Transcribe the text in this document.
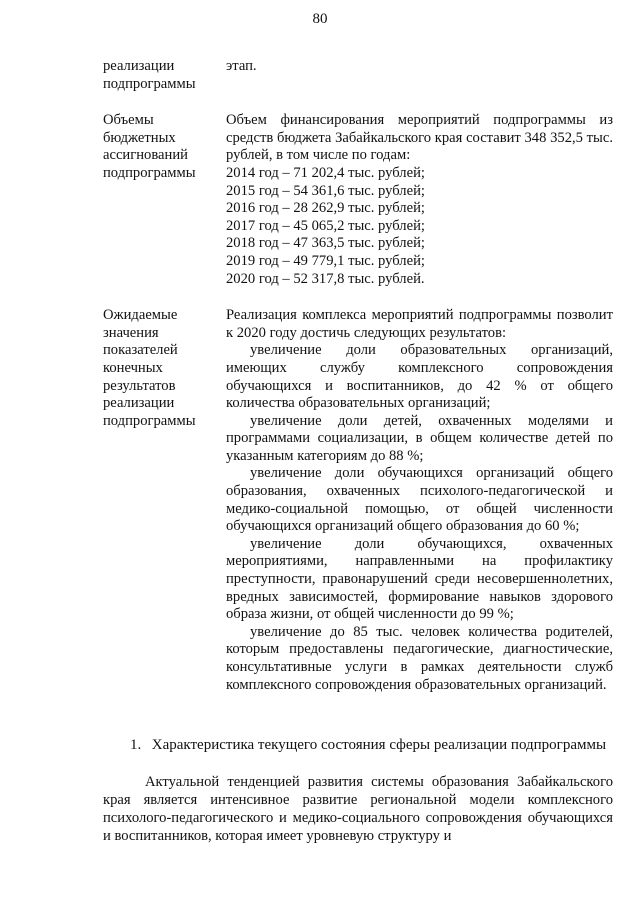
80
реализации
подпрограммы

этап.

Объемы
бюджетных
ассигнований
подпрограммы

Объем финансирования мероприятий подпрограммы из средств бюджета Забайкальского края составит 348 352,5 тыс. рублей, в том числе по годам:

2014 год – 71 202,4 тыс. рублей;

2015 год – 54 361,6 тыс. рублей;

2016 год – 28 262,9 тыс. рублей;

2017 год – 45 065,2 тыс. рублей;

2018 год – 47 363,5 тыс. рублей;

2019 год – 49 779,1 тыс. рублей;

2020 год – 52 317,8 тыс. рублей.

Ожидаемые
значения
показателей
конечных
результатов
реализации
подпрограммы

Реализация комплекса мероприятий подпрограммы позволит к 2020 году достичь следующих результатов:

увеличение доли образовательных организаций, имеющих службу комплексного сопровождения обучающихся и воспитанников, до 42 % от общего количества образовательных организаций;

увеличение доли детей, охваченных моделями и программами социализации, в общем количестве детей по указанным категориям до 88 %;

увеличение доли обучающихся организаций общего образования, охваченных психолого-педагогической и медико-социальной помощью, от общей численности обучающихся организаций общего образования до 60 %;

увеличение доли обучающихся, охваченных мероприятиями, направленными на профилактику преступности, правонарушений среди несовершеннолетних, вредных зависимостей, формирование навыков здорового образа жизни, от общей численности до 99 %;

увеличение до 85 тыс. человек количества родителей, которым предоставлены педагогические, диагностические, консультативные услуги в рамках деятельности служб комплексного сопровождения образовательных организаций.

1. Характеристика текущего состояния сферы реализации подпрограммы

Актуальной тенденцией развития системы образования Забайкальского края является интенсивное развитие региональной модели комплексного психолого-педагогического и медико-социального сопровождения обучающихся и воспитанников, которая имеет уровневую структуру и
